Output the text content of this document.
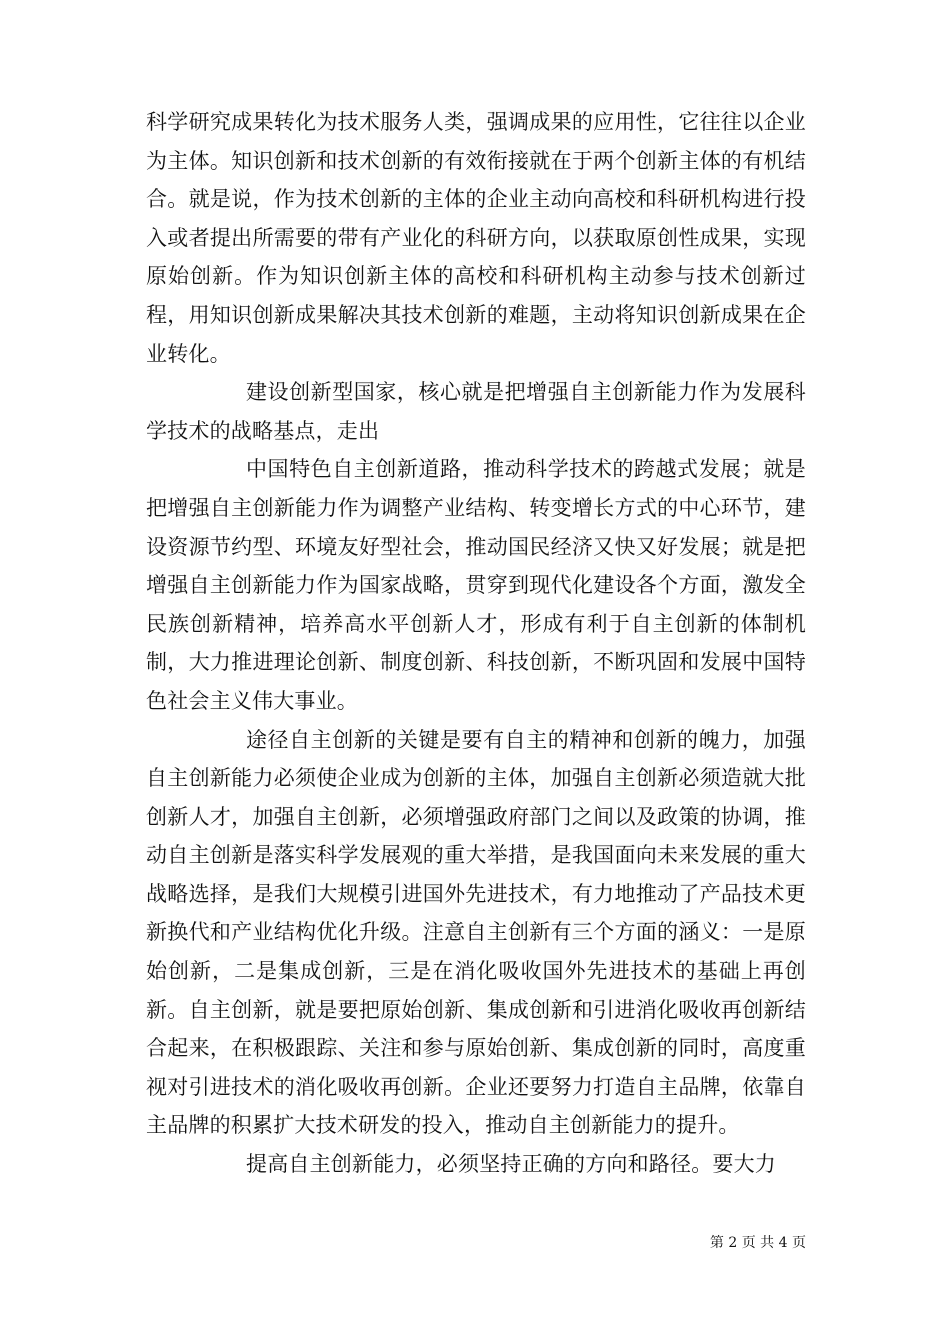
科学研究成果转化为技术服务人类，强调成果的应用性，它往往以企业为主体。知识创新和技术创新的有效衔接就在于两个创新主体的有机结合。就是说，作为技术创新的主体的企业主动向高校和科研机构进行投入或者提出所需要的带有产业化的科研方向，以获取原创性成果，实现原始创新。作为知识创新主体的高校和科研机构主动参与技术创新过程，用知识创新成果解决其技术创新的难题，主动将知识创新成果在企业转化。

建设创新型国家，核心就是把增强自主创新能力作为发展科学技术的战略基点，走出

中国特色自主创新道路，推动科学技术的跨越式发展；就是把增强自主创新能力作为调整产业结构、转变增长方式的中心环节，建设资源节约型、环境友好型社会，推动国民经济又快又好发展；就是把增强自主创新能力作为国家战略，贯穿到现代化建设各个方面，激发全民族创新精神，培养高水平创新人才，形成有利于自主创新的体制机制，大力推进理论创新、制度创新、科技创新，不断巩固和发展中国特色社会主义伟大事业。

途径自主创新的关键是要有自主的精神和创新的魄力，加强自主创新能力必须使企业成为创新的主体，加强自主创新必须造就大批创新人才，加强自主创新，必须增强政府部门之间以及政策的协调，推动自主创新是落实科学发展观的重大举措，是我国面向未来发展的重大战略选择，是我们大规模引进国外先进技术，有力地推动了产品技术更新换代和产业结构优化升级。注意自主创新有三个方面的涵义：一是原始创新，二是集成创新，三是在消化吸收国外先进技术的基础上再创新。自主创新，就是要把原始创新、集成创新和引进消化吸收再创新结合起来，在积极跟踪、关注和参与原始创新、集成创新的同时，高度重视对引进技术的消化吸收再创新。企业还要努力打造自主品牌，依靠自主品牌的积累扩大技术研发的投入，推动自主创新能力的提升。

提高自主创新能力，必须坚持正确的方向和路径。要大力

第 2 页 共 4 页
